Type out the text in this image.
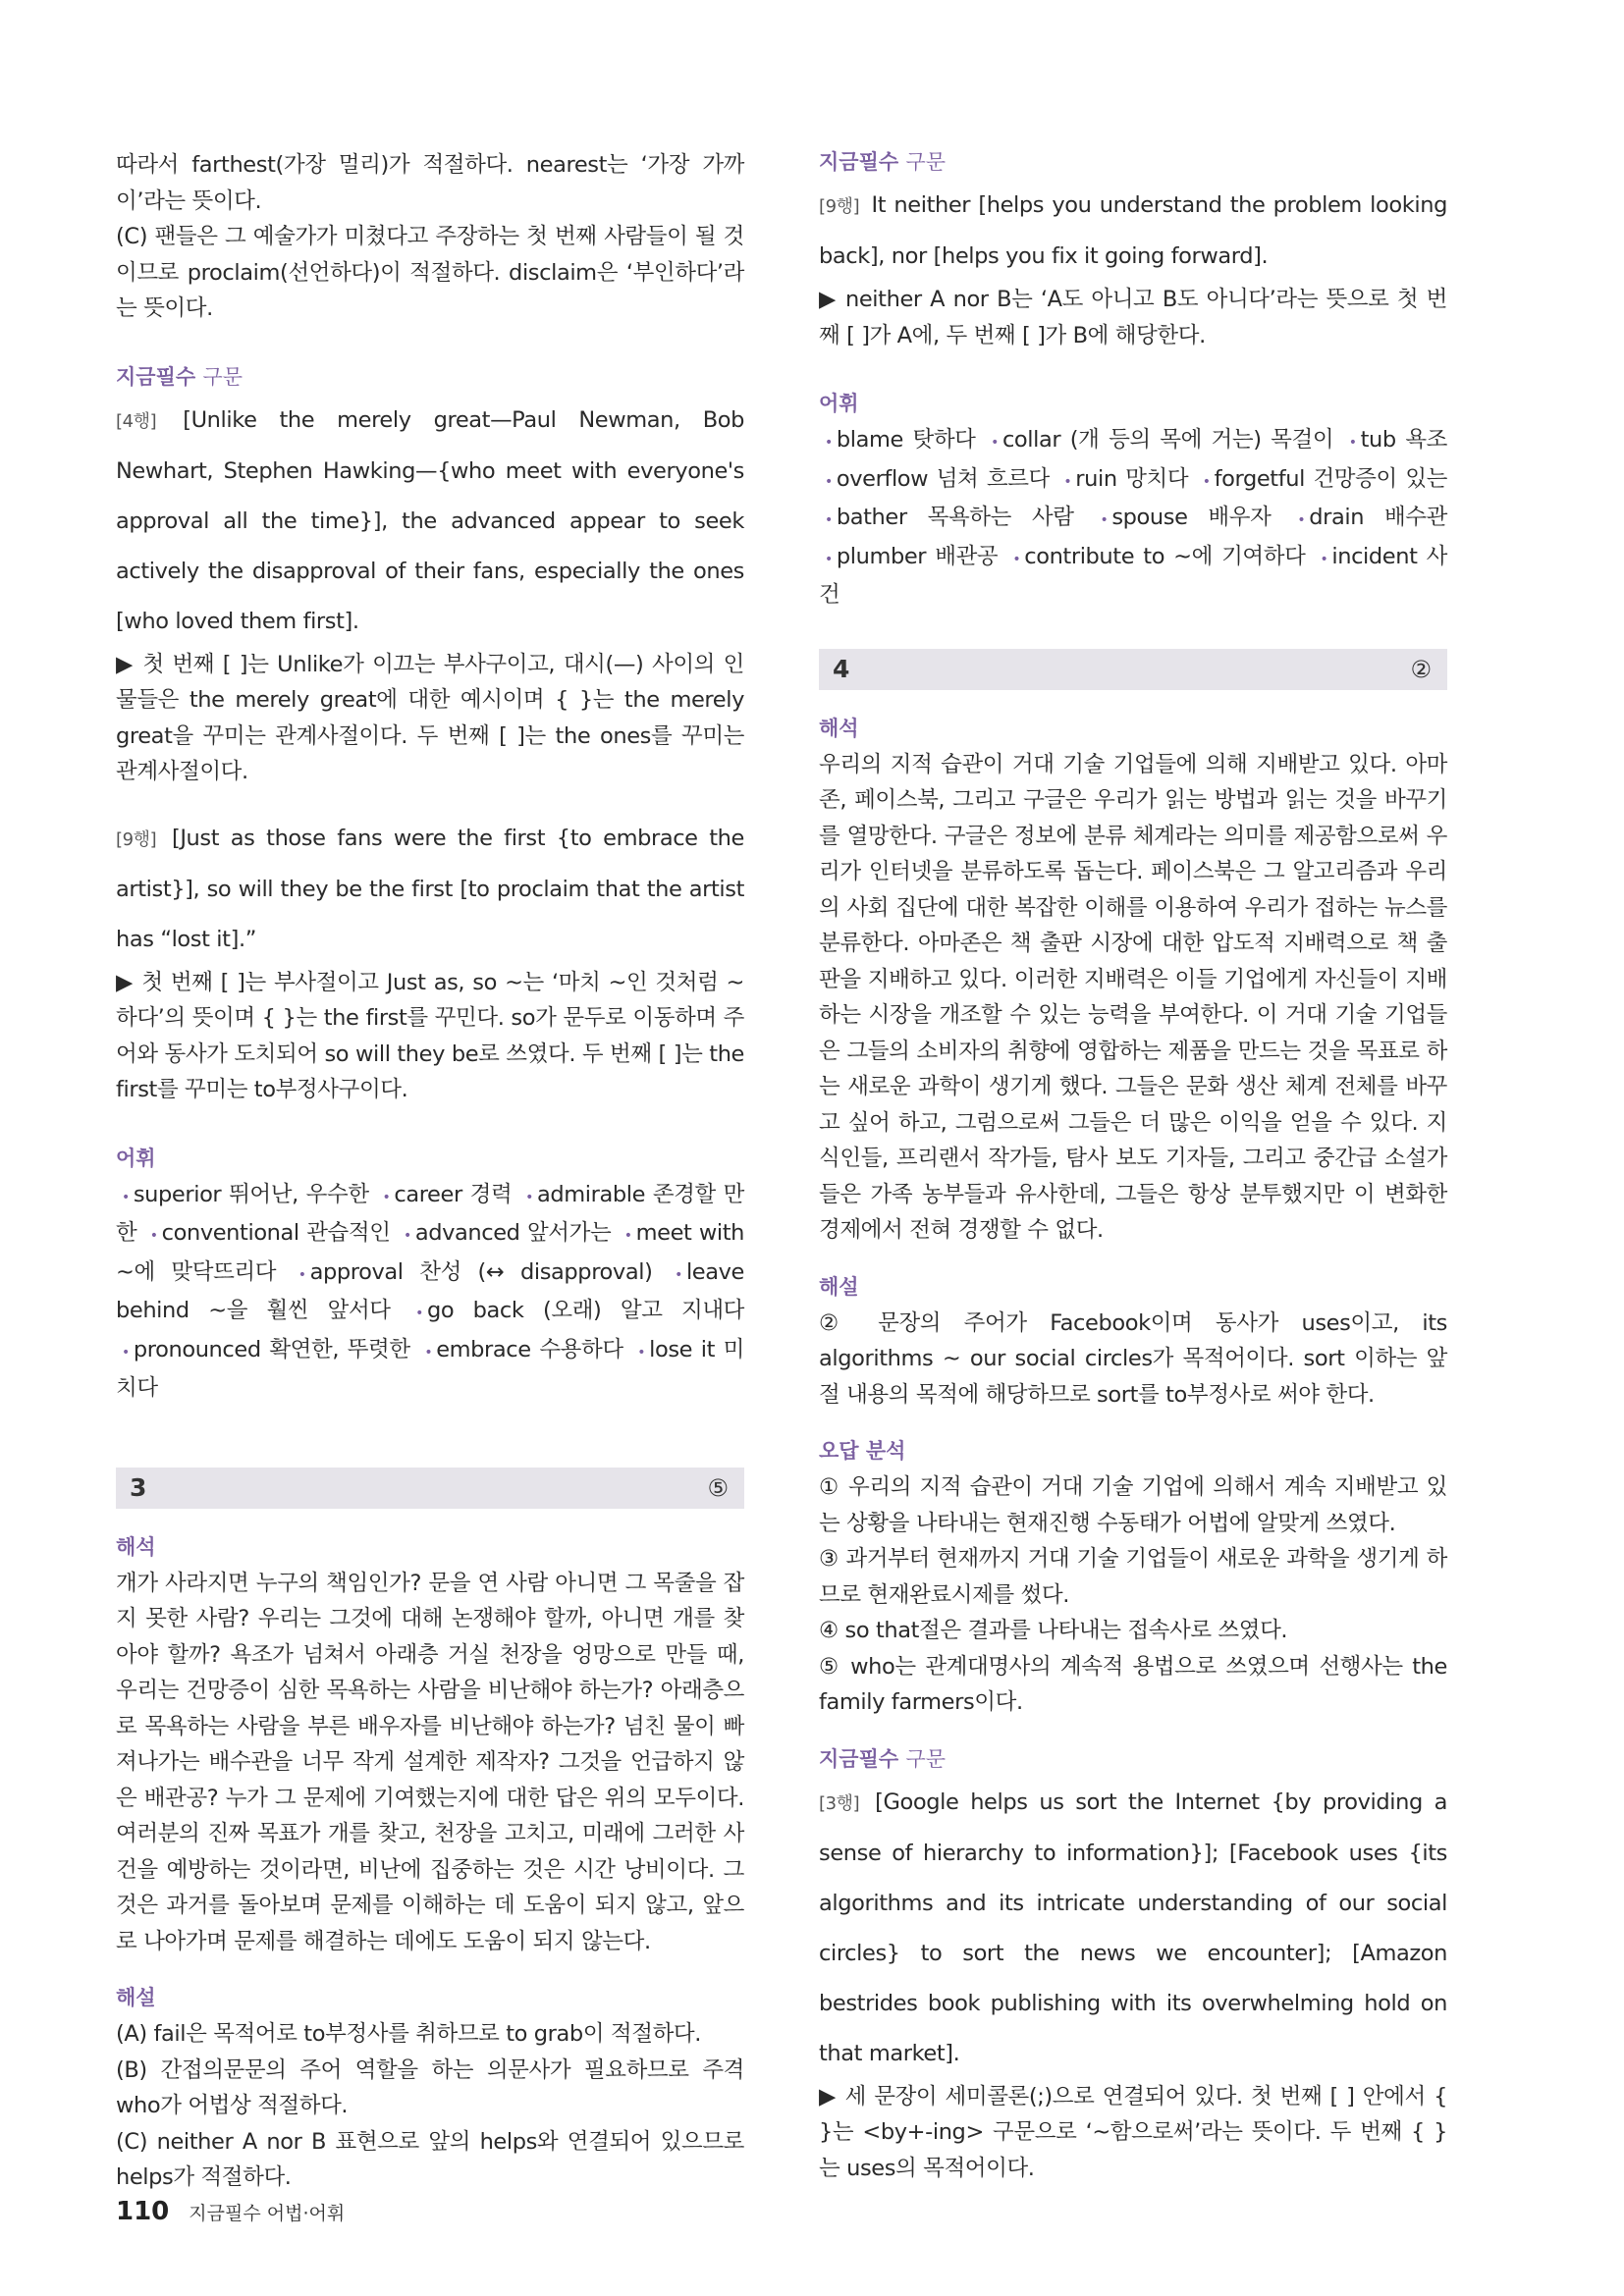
따라서 farthest(가장 멀리)가 적절하다. nearest는 ‘가장 가까이’라는 뜻이다.

(C) 팬들은 그 예술가가 미쳤다고 주장하는 첫 번째 사람들이 될 것이므로 proclaim(선언하다)이 적절하다. disclaim은 ‘부인하다’라는 뜻이다.

지금필수 구문

[4행] [Unlike the merely great—Paul Newman, Bob Newhart, Stephen Hawking—{who meet with everyone's approval all the time}], the advanced appear to seek actively the disapproval of their fans, especially the ones [who loved them first].

▶ 첫 번째 [ ]는 Unlike가 이끄는 부사구이고, 대시(—) 사이의 인물들은 the merely great에 대한 예시이며 { }는 the merely great을 꾸미는 관계사절이다. 두 번째 [ ]는 the ones를 꾸미는 관계사절이다.

[9행] [Just as those fans were the first {to embrace the artist}], so will they be the first [to proclaim that the artist has “lost it].”

▶ 첫 번째 [ ]는 부사절이고 Just as, so ~는 ‘마치 ~인 것처럼 ~하다’의 뜻이며 { }는 the first를 꾸민다. so가 문두로 이동하며 주어와 동사가 도치되어 so will they be로 쓰였다. 두 번째 [ ]는 the first를 꾸미는 to부정사구이다.

어휘

• superior 뛰어난, 우수한 • career 경력 • admirable 존경할 만한 • conventional 관습적인 • advanced 앞서가는 • meet with ~에 맞닥뜨리다 • approval 찬성 (↔ disapproval) • leave behind ~을 훨씬 앞서다 • go back (오래) 알고 지내다 • pronounced 확연한, 뚜렷한 • embrace 수용하다 • lose it 미치다

3	⑤
해석

개가 사라지면 누구의 책임인가? 문을 연 사람 아니면 그 목줄을 잡지 못한 사람? 우리는 그것에 대해 논쟁해야 할까, 아니면 개를 찾아야 할까? 욕조가 넘쳐서 아래층 거실 천장을 엉망으로 만들 때, 우리는 건망증이 심한 목욕하는 사람을 비난해야 하는가? 아래층으로 목욕하는 사람을 부른 배우자를 비난해야 하는가? 넘친 물이 빠져나가는 배수관을 너무 작게 설계한 제작자? 그것을 언급하지 않은 배관공? 누가 그 문제에 기여했는지에 대한 답은 위의 모두이다. 여러분의 진짜 목표가 개를 찾고, 천장을 고치고, 미래에 그러한 사건을 예방하는 것이라면, 비난에 집중하는 것은 시간 낭비이다. 그것은 과거를 돌아보며 문제를 이해하는 데 도움이 되지 않고, 앞으로 나아가며 문제를 해결하는 데에도 도움이 되지 않는다.

해설

(A) fail은 목적어로 to부정사를 취하므로 to grab이 적절하다.

(B) 간접의문문의 주어 역할을 하는 의문사가 필요하므로 주격 who가 어법상 적절하다.

(C) neither A nor B 표현으로 앞의 helps와 연결되어 있으므로 helps가 적절하다.

지금필수 구문

[9행] It neither [helps you understand the problem looking back], nor [helps you fix it going forward].

▶ neither A nor B는 ‘A도 아니고 B도 아니다’라는 뜻으로 첫 번째 [ ]가 A에, 두 번째 [ ]가 B에 해당한다.

어휘

• blame 탓하다 • collar (개 등의 목에 거는) 목걸이 • tub 욕조 • overflow 넘쳐 흐르다 • ruin 망치다 • forgetful 건망증이 있는 • bather 목욕하는 사람 • spouse 배우자 • drain 배수관 • plumber 배관공 • contribute to ~에 기여하다 • incident 사건

4	②
해석

우리의 지적 습관이 거대 기술 기업들에 의해 지배받고 있다. 아마존, 페이스북, 그리고 구글은 우리가 읽는 방법과 읽는 것을 바꾸기를 열망한다. 구글은 정보에 분류 체계라는 의미를 제공함으로써 우리가 인터넷을 분류하도록 돕는다. 페이스북은 그 알고리즘과 우리의 사회 집단에 대한 복잡한 이해를 이용하여 우리가 접하는 뉴스를 분류한다. 아마존은 책 출판 시장에 대한 압도적 지배력으로 책 출판을 지배하고 있다. 이러한 지배력은 이들 기업에게 자신들이 지배하는 시장을 개조할 수 있는 능력을 부여한다. 이 거대 기술 기업들은 그들의 소비자의 취향에 영합하는 제품을 만드는 것을 목표로 하는 새로운 과학이 생기게 했다. 그들은 문화 생산 체계 전체를 바꾸고 싶어 하고, 그럼으로써 그들은 더 많은 이익을 얻을 수 있다. 지식인들, 프리랜서 작가들, 탐사 보도 기자들, 그리고 중간급 소설가들은 가족 농부들과 유사한데, 그들은 항상 분투했지만 이 변화한 경제에서 전혀 경쟁할 수 없다.

해설

② 문장의 주어가 Facebook이며 동사가 uses이고, its algorithms ~ our social circles가 목적어이다. sort 이하는 앞 절 내용의 목적에 해당하므로 sort를 to부정사로 써야 한다.

오답 분석

① 우리의 지적 습관이 거대 기술 기업에 의해서 계속 지배받고 있는 상황을 나타내는 현재진행 수동태가 어법에 알맞게 쓰였다.

③ 과거부터 현재까지 거대 기술 기업들이 새로운 과학을 생기게 하므로 현재완료시제를 썼다.

④ so that절은 결과를 나타내는 접속사로 쓰였다.

⑤ who는 관계대명사의 계속적 용법으로 쓰였으며 선행사는 the family farmers이다.

지금필수 구문

[3행] [Google helps us sort the Internet {by providing a sense of hierarchy to information}]; [Facebook uses {its algorithms and its intricate understanding of our social circles} to sort the news we encounter]; [Amazon bestrides book publishing with its overwhelming hold on that market].

▶ 세 문장이 세미콜론(;)으로 연결되어 있다. 첫 번째 [ ] 안에서 { }는 <by+-ing> 구문으로 ‘~함으로써’라는 뜻이다. 두 번째 { }는 uses의 목적어이다.

110 지금필수 어법·어휘
